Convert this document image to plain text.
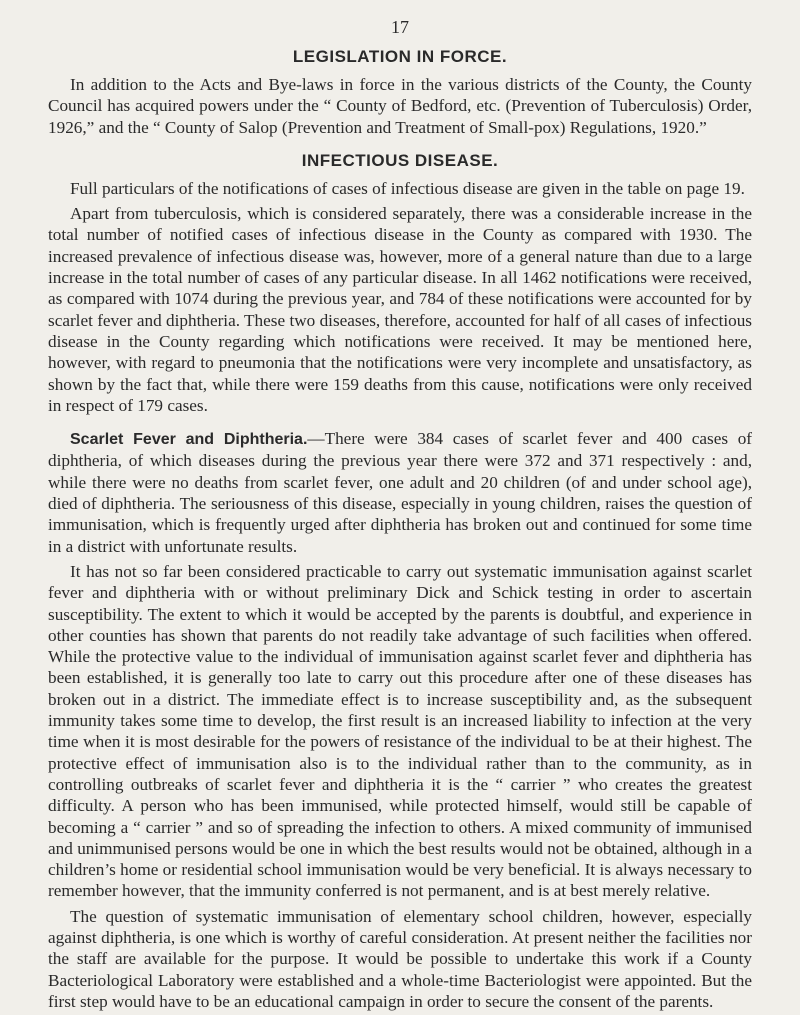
17
LEGISLATION IN FORCE.

In addition to the Acts and Bye-laws in force in the various districts of the County, the County Council has acquired powers under the “ County of Bedford, etc. (Prevention of Tuberculosis) Order, 1926,” and the “ County of Salop (Prevention and Treatment of Small-pox) Regulations, 1920.”

INFECTIOUS DISEASE.

Full particulars of the notifications of cases of infectious disease are given in the table on page 19.

Apart from tuberculosis, which is considered separately, there was a considerable increase in the total number of notified cases of infectious disease in the County as compared with 1930. The increased prevalence of infectious disease was, however, more of a general nature than due to a large increase in the total number of cases of any particular disease. In all 1462 notifications were received, as compared with 1074 during the previous year, and 784 of these notifications were accounted for by scarlet fever and diphtheria. These two diseases, therefore, accounted for half of all cases of infectious disease in the County regarding which notifications were received. It may be mentioned here, however, with regard to pneumonia that the notifications were very incomplete and unsatisfactory, as shown by the fact that, while there were 159 deaths from this cause, notifications were only received in respect of 179 cases.

Scarlet Fever and Diphtheria.—There were 384 cases of scarlet fever and 400 cases of diphtheria, of which diseases during the previous year there were 372 and 371 respectively : and, while there were no deaths from scarlet fever, one adult and 20 children (of and under school age), died of diphtheria. The seriousness of this disease, especially in young children, raises the question of immunisation, which is frequently urged after diphtheria has broken out and continued for some time in a district with unfortunate results.

It has not so far been considered practicable to carry out systematic immunisation against scarlet fever and diphtheria with or without preliminary Dick and Schick testing in order to ascertain susceptibility. The extent to which it would be accepted by the parents is doubtful, and experience in other counties has shown that parents do not readily take advantage of such facilities when offered. While the protective value to the individual of immunisation against scarlet fever and diphtheria has been established, it is generally too late to carry out this procedure after one of these diseases has broken out in a district. The immediate effect is to increase susceptibility and, as the subsequent immunity takes some time to develop, the first result is an increased liability to infection at the very time when it is most desirable for the powers of resistance of the individual to be at their highest. The protective effect of immunisation also is to the individual rather than to the community, as in controlling outbreaks of scarlet fever and diphtheria it is the “ carrier ” who creates the greatest difficulty. A person who has been immunised, while protected himself, would still be capable of becoming a “ carrier ” and so of spreading the infection to others. A mixed community of immunised and unimmunised persons would be one in which the best results would not be obtained, although in a children’s home or residential school immunisation would be very beneficial. It is always necessary to remember however, that the immunity conferred is not permanent, and is at best merely relative.

The question of systematic immunisation of elementary school children, however, especially against diphtheria, is one which is worthy of careful consideration. At present neither the facilities nor the staff are available for the purpose. It would be possible to undertake this work if a County Bacteriological Laboratory were established and a whole-time Bacteriologist were appointed. But the first step would have to be an educational campaign in order to secure the consent of the parents.
